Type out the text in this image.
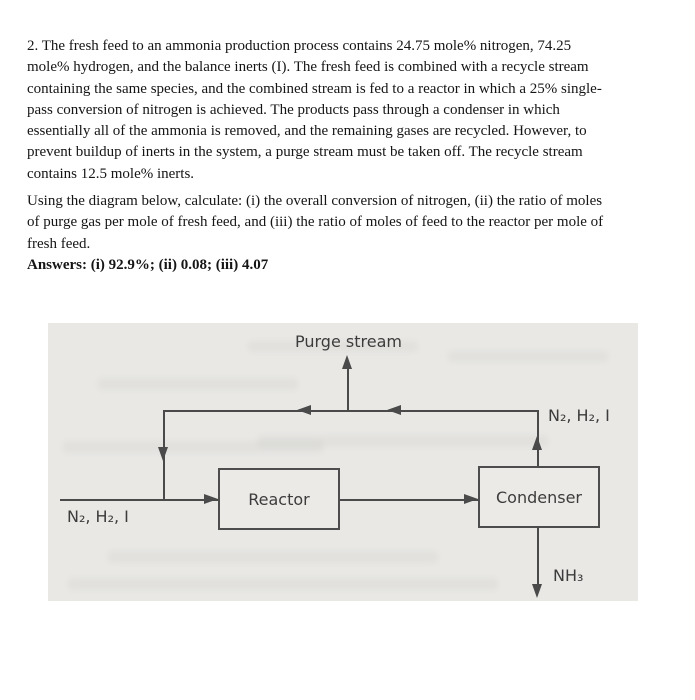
2. The fresh feed to an ammonia production process contains 24.75 mole% nitrogen, 74.25
mole% hydrogen, and the balance inerts (I). The fresh feed is combined with a recycle stream
containing the same species, and the combined stream is fed to a reactor in which a 25% single-
pass conversion of nitrogen is achieved. The products pass through a condenser in which
essentially all of the ammonia is removed, and the remaining gases are recycled. However, to
prevent buildup of inerts in the system, a purge stream must be taken off. The recycle stream
contains 12.5 mole% inerts.
Using the diagram below, calculate: (i) the overall conversion of nitrogen, (ii) the ratio of moles
of purge gas per mole of fresh feed, and (iii) the ratio of moles of feed to the reactor per mole of
fresh feed.
Answers: (i) 92.9%; (ii) 0.08; (iii) 4.07
Purge stream
N₂, H₂, I
N₂, H₂, I
Reactor	Condenser
NH₃
